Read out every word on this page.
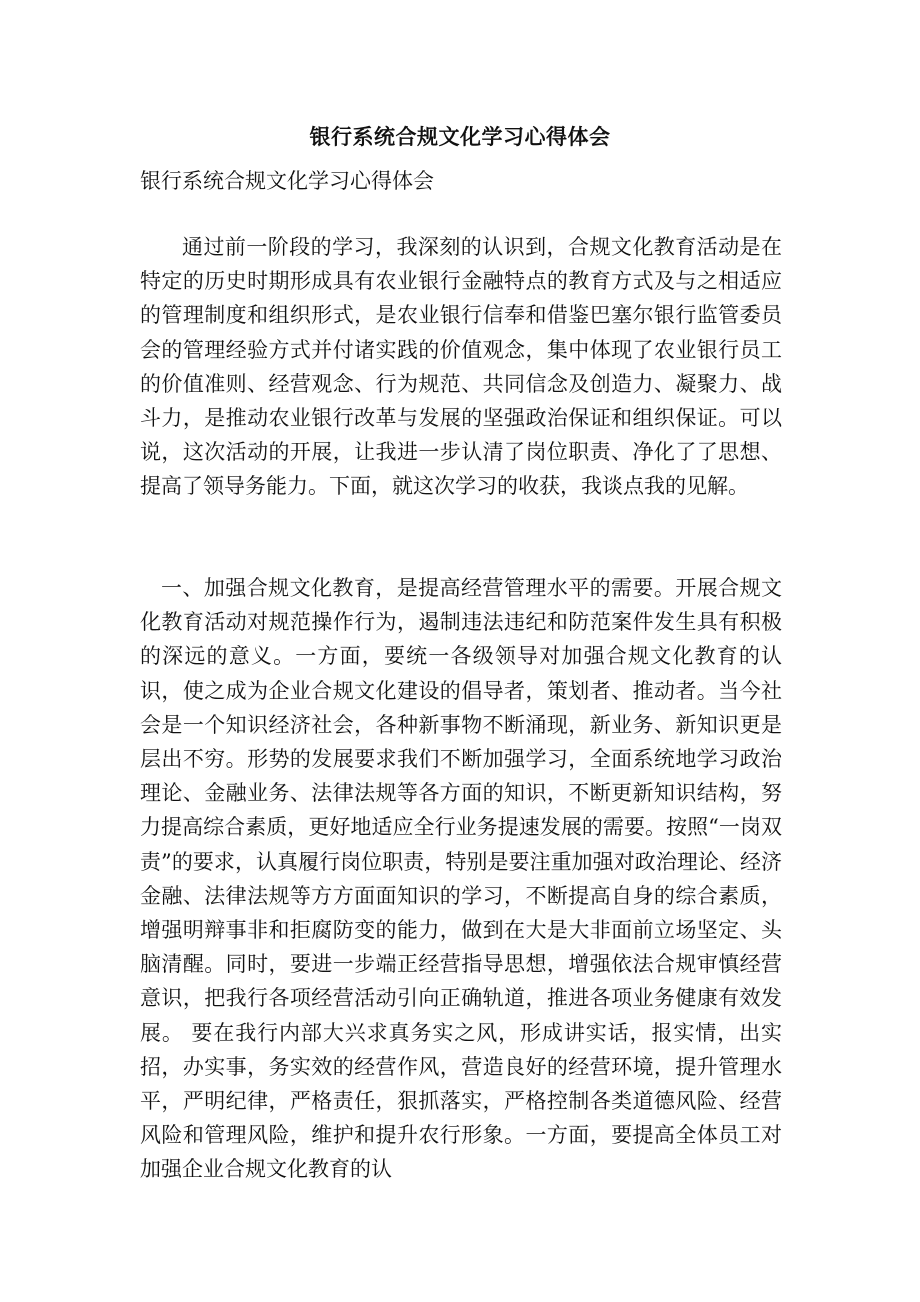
银行系统合规文化学习心得体会
银行系统合规文化学习心得体会

通过前一阶段的学习，我深刻的认识到，合规文化教育活动是在特定的历史时期形成具有农业银行金融特点的教育方式及与之相适应的管理制度和组织形式，是农业银行信奉和借鉴巴塞尔银行监管委员会的管理经验方式并付诸实践的价值观念，集中体现了农业银行员工的价值准则、经营观念、行为规范、共同信念及创造力、凝聚力、战斗力，是推动农业银行改革与发展的坚强政治保证和组织保证。可以说，这次活动的开展，让我进一步认清了岗位职责、净化了了思想、提高了领导务能力。下面，就这次学习的收获，我谈点我的见解。

一、加强合规文化教育，是提高经营管理水平的需要。开展合规文化教育活动对规范操作行为，遏制违法违纪和防范案件发生具有积极的深远的意义。一方面，要统一各级领导对加强合规文化教育的认识，使之成为企业合规文化建设的倡导者，策划者、推动者。当今社会是一个知识经济社会，各种新事物不断涌现，新业务、新知识更是层出不穷。形势的发展要求我们不断加强学习，全面系统地学习政治理论、金融业务、法律法规等各方面的知识，不断更新知识结构，努力提高综合素质，更好地适应全行业务提速发展的需要。按照“一岗双责”的要求，认真履行岗位职责，特别是要注重加强对政治理论、经济金融、法律法规等方方面面知识的学习，不断提高自身的综合素质，增强明辩事非和拒腐防变的能力，做到在大是大非面前立场坚定、头脑清醒。同时，要进一步端正经营指导思想，增强依法合规审慎经营意识，把我行各项经营活动引向正确轨道，推进各项业务健康有效发展。 要在我行内部大兴求真务实之风，形成讲实话，报实情，出实招，办实事，务实效的经营作风，营造良好的经营环境，提升管理水平，严明纪律，严格责任，狠抓落实，严格控制各类道德风险、经营风险和管理风险，维护和提升农行形象。一方面，要提高全体员工对加强企业合规文化教育的认
